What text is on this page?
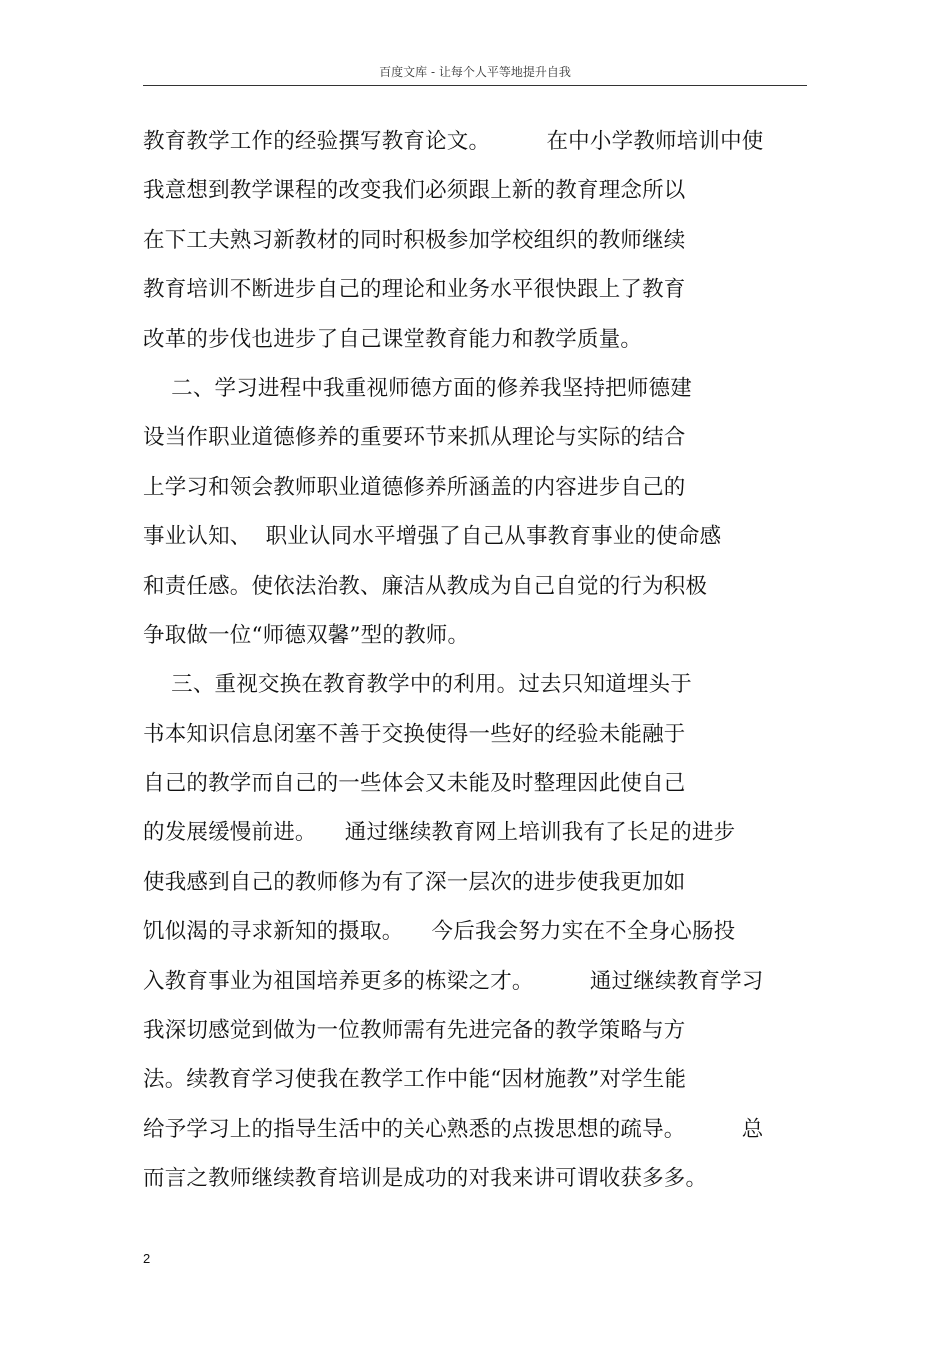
百度文库 - 让每个人平等地提升自我
教育教学工作的经验撰写教育论文。        在中小学教师培训中使
我意想到教学课程的改变我们必须跟上新的教育理念所以
在下工夫熟习新教材的同时积极参加学校组织的教师继续
教育培训不断进步自己的理论和业务水平很快跟上了教育
改革的步伐也进步了自己课堂教育能力和教学质量。
二、学习进程中我重视师德方面的修养我坚持把师德建
设当作职业道德修养的重要环节来抓从理论与实际的结合
上学习和领会教师职业道德修养所涵盖的内容进步自己的
事业认知、  职业认同水平增强了自己从事教育事业的使命感
和责任感。使依法治教、廉洁从教成为自己自觉的行为积极
争取做一位“师德双馨”型的教师。
三、重视交换在教育教学中的利用。过去只知道埋头于
书本知识信息闭塞不善于交换使得一些好的经验未能融于
自己的教学而自己的一些体会又未能及时整理因此使自己
的发展缓慢前进。    通过继续教育网上培训我有了长足的进步
使我感到自己的教师修为有了深一层次的进步使我更加如
饥似渴的寻求新知的摄取。    今后我会努力实在不全身心肠投
入教育事业为祖国培养更多的栋梁之才。        通过继续教育学习
我深切感觉到做为一位教师需有先进完备的教学策略与方
法。续教育学习使我在教学工作中能“因材施教”对学生能
给予学习上的指导生活中的关心熟悉的点拨思想的疏导。        总
而言之教师继续教育培训是成功的对我来讲可谓收获多多。
2
